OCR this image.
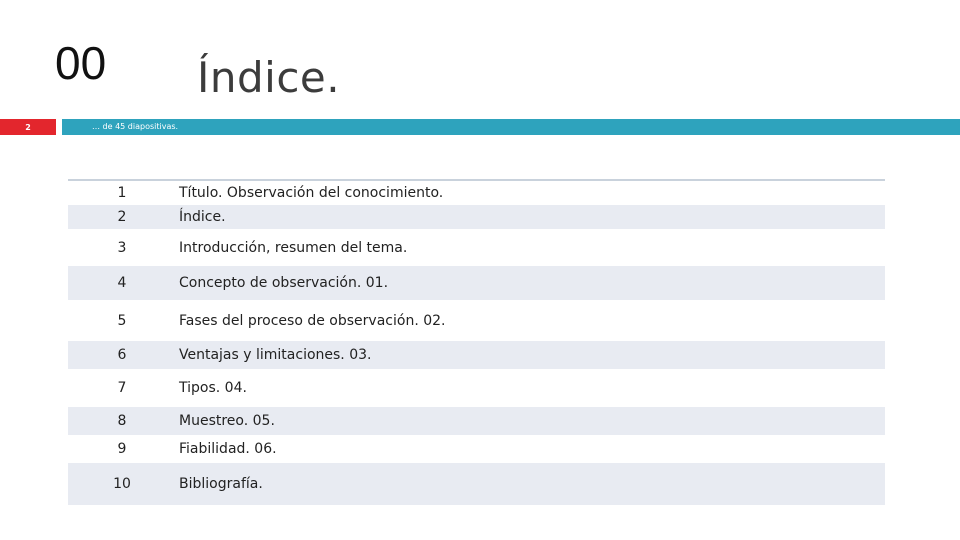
00 Índice.
2	… de 45 diapositivas.
1	Título. Observación del conocimiento.
2	Índice.
3	Introducción, resumen del tema.
4	Concepto de observación. 01.
5	Fases del proceso de observación. 02.
6	Ventajas y limitaciones. 03.
7	Tipos. 04.
8	Muestreo. 05.
9	Fiabilidad. 06.
10	Bibliografía.
